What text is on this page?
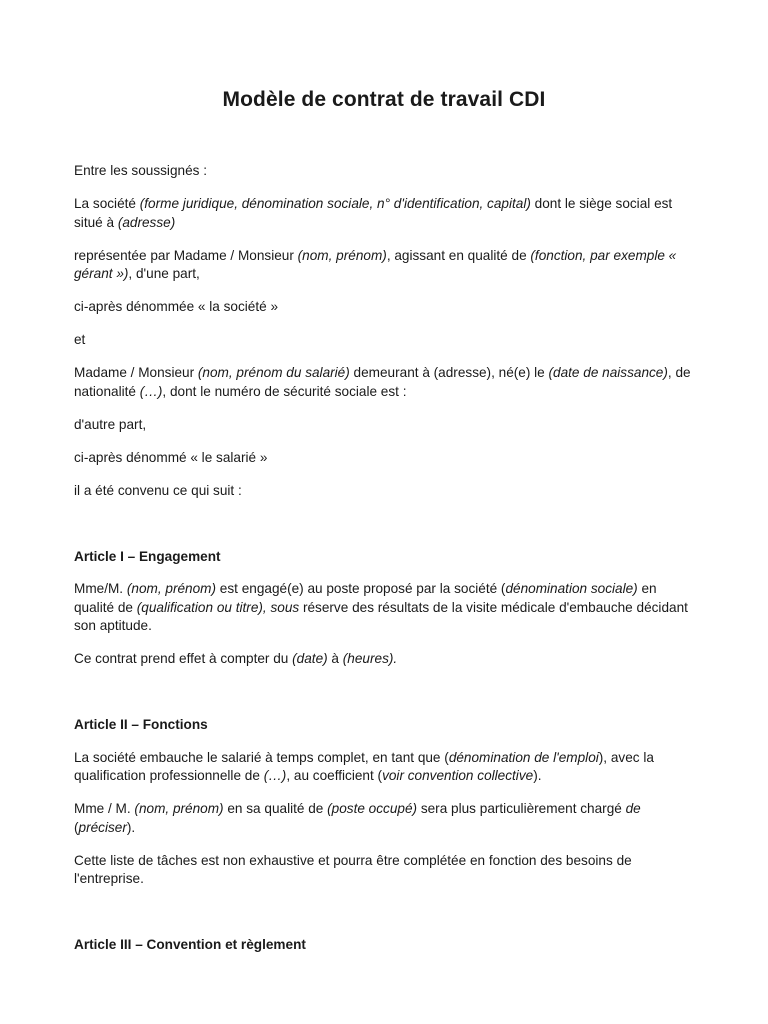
Modèle de contrat de travail CDI

Entre les soussignés :

La société (forme juridique, dénomination sociale, n° d'identification, capital) dont le siège social est situé à (adresse)

représentée par Madame / Monsieur (nom, prénom), agissant en qualité de (fonction, par exemple « gérant »), d'une part,

ci-après dénommée « la société »

et

Madame / Monsieur (nom, prénom du salarié) demeurant à (adresse), né(e) le (date de naissance), de nationalité (…), dont le numéro de sécurité sociale est :

d'autre part,

ci-après dénommé « le salarié »

il a été convenu ce qui suit :

Article I – Engagement

Mme/M. (nom, prénom) est engagé(e) au poste proposé par la société (dénomination sociale) en qualité de (qualification ou titre), sous réserve des résultats de la visite médicale d'embauche décidant son aptitude.

Ce contrat prend effet à compter du (date) à (heures).

Article II – Fonctions

La société embauche le salarié à temps complet, en tant que (dénomination de l'emploi), avec la qualification professionnelle de (…), au coefficient (voir convention collective).

Mme / M. (nom, prénom) en sa qualité de (poste occupé) sera plus particulièrement chargé de (préciser).

Cette liste de tâches est non exhaustive et pourra être complétée en fonction des besoins de l'entreprise.

Article III – Convention et règlement
